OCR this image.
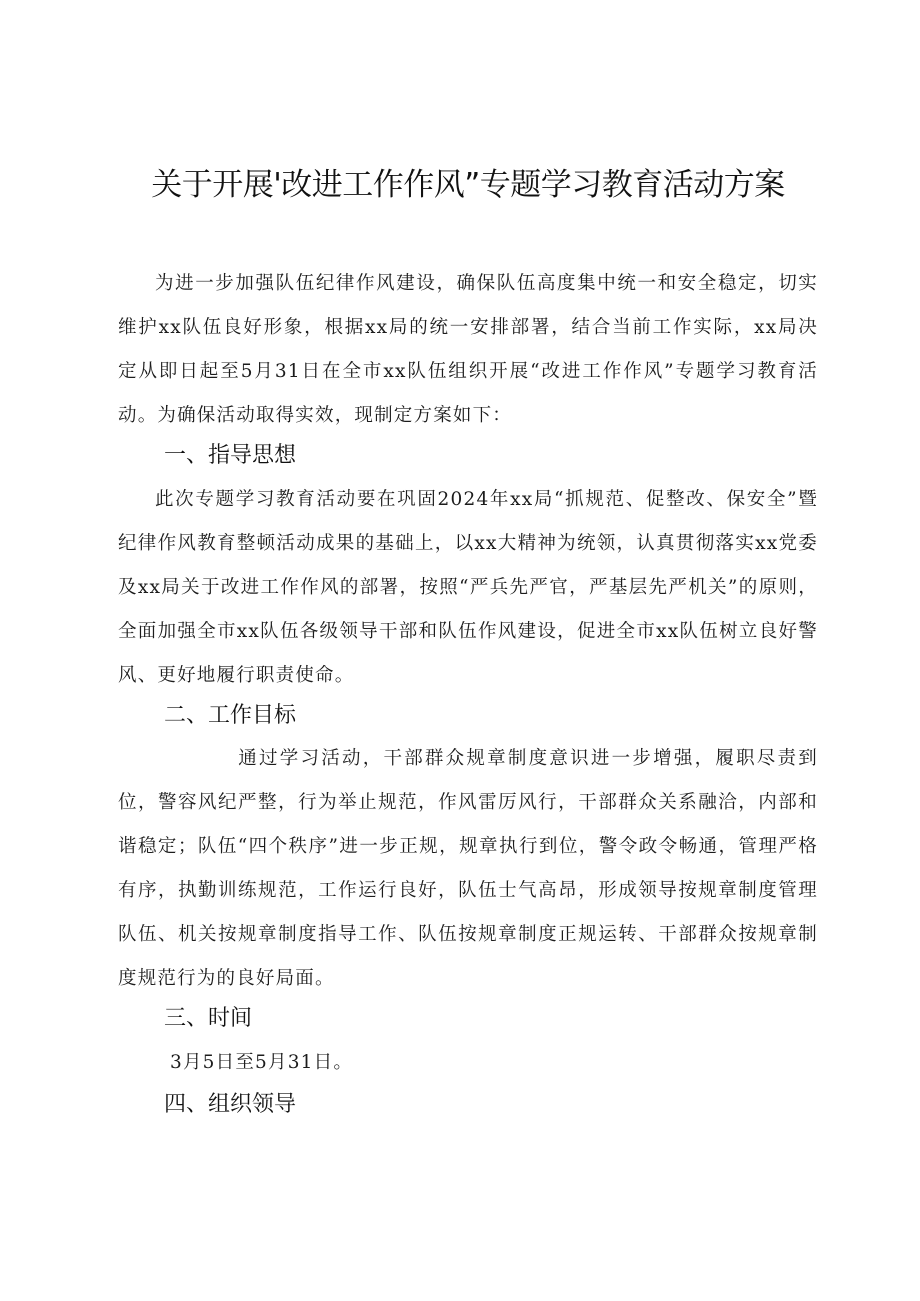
关于开展'改进工作作风”专题学习教育活动方案

为进一步加强队伍纪律作风建设，确保队伍高度集中统一和安全稳定，切实维护xx队伍良好形象，根据xx局的统一安排部署，结合当前工作实际，xx局决定从即日起至5月31日在全市xx队伍组织开展“改进工作作风”专题学习教育活动。为确保活动取得实效，现制定方案如下：

一、指导思想

此次专题学习教育活动要在巩固2024年xx局“抓规范、促整改、保安全”暨纪律作风教育整顿活动成果的基础上，以xx大精神为统领，认真贯彻落实xx党委及xx局关于改进工作作风的部署，按照“严兵先严官，严基层先严机关”的原则，全面加强全市xx队伍各级领导干部和队伍作风建设，促进全市xx队伍树立良好警风、更好地履行职责使命。

二、工作目标

通过学习活动，干部群众规章制度意识进一步增强，履职尽责到位，警容风纪严整，行为举止规范，作风雷厉风行，干部群众关系融洽，内部和谐稳定；队伍“四个秩序”进一步正规，规章执行到位，警令政令畅通，管理严格有序，执勤训练规范，工作运行良好，队伍士气高昂，形成领导按规章制度管理队伍、机关按规章制度指导工作、队伍按规章制度正规运转、干部群众按规章制度规范行为的良好局面。

三、时间

3月5日至5月31日。

四、组织领导
